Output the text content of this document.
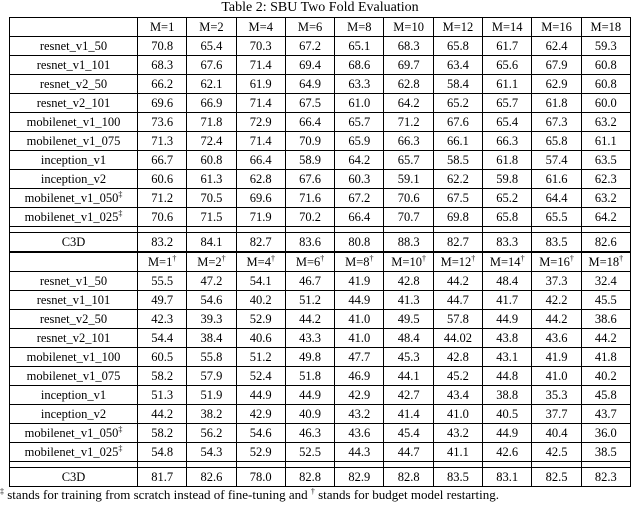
Table 2: SBU Two Fold Evaluation
	M=1	M=2	M=4	M=6	M=8	M=10	M=12	M=14	M=16	M=18
resnet_v1_50	70.8	65.4	70.3	67.2	65.1	68.3	65.8	61.7	62.4	59.3
resnet_v1_101	68.3	67.6	71.4	69.4	68.6	69.7	63.4	65.6	67.9	60.8
resnet_v2_50	66.2	62.1	61.9	64.9	63.3	62.8	58.4	61.1	62.9	60.8
resnet_v2_101	69.6	66.9	71.4	67.5	61.0	64.2	65.2	65.7	61.8	60.0
mobilenet_v1_100	73.6	71.8	72.9	66.4	65.7	71.2	67.6	65.4	67.3	63.2
mobilenet_v1_075	71.3	72.4	71.4	70.9	65.9	66.3	66.1	66.3	65.8	61.1
inception_v1	66.7	60.8	66.4	58.9	64.2	65.7	58.5	61.8	57.4	63.5
inception_v2	60.6	61.3	62.8	67.6	60.3	59.1	62.2	59.8	61.6	62.3
mobilenet_v1_050‡	71.2	70.5	69.6	71.6	67.2	70.6	67.5	65.2	64.4	63.2
mobilenet_v1_025‡	70.6	71.5	71.9	70.2	66.4	70.7	69.8	65.8	65.5	64.2

C3D	83.2	84.1	82.7	83.6	80.8	88.3	82.7	83.3	83.5	82.6
	M=1†	M=2†	M=4†	M=6†	M=8†	M=10†	M=12†	M=14†	M=16†	M=18†
resnet_v1_50	55.5	47.2	54.1	46.7	41.9	42.8	44.2	48.4	37.3	32.4
resnet_v1_101	49.7	54.6	40.2	51.2	44.9	41.3	44.7	41.7	42.2	45.5
resnet_v2_50	42.3	39.3	52.9	44.2	41.0	49.5	57.8	44.9	44.2	38.6
resnet_v2_101	54.4	38.4	40.6	43.3	41.0	48.4	44.02	43.8	43.6	44.2
mobilenet_v1_100	60.5	55.8	51.2	49.8	47.7	45.3	42.8	43.1	41.9	41.8
mobilenet_v1_075	58.2	57.9	52.4	51.8	46.9	44.1	45.2	44.8	41.0	40.2
inception_v1	51.3	51.9	44.9	44.9	42.9	42.7	43.4	38.8	35.3	45.8
inception_v2	44.2	38.2	42.9	40.9	43.2	41.4	41.0	40.5	37.7	43.7
mobilenet_v1_050‡	58.2	56.2	54.6	46.3	43.6	45.4	43.2	44.9	40.4	36.0
mobilenet_v1_025‡	54.8	54.3	52.9	52.5	44.3	44.7	41.1	42.6	42.5	38.5

C3D	81.7	82.6	78.0	82.8	82.9	82.8	83.5	83.1	82.5	82.3
‡ stands for training from scratch instead of fine-tuning and † stands for budget model restarting.
